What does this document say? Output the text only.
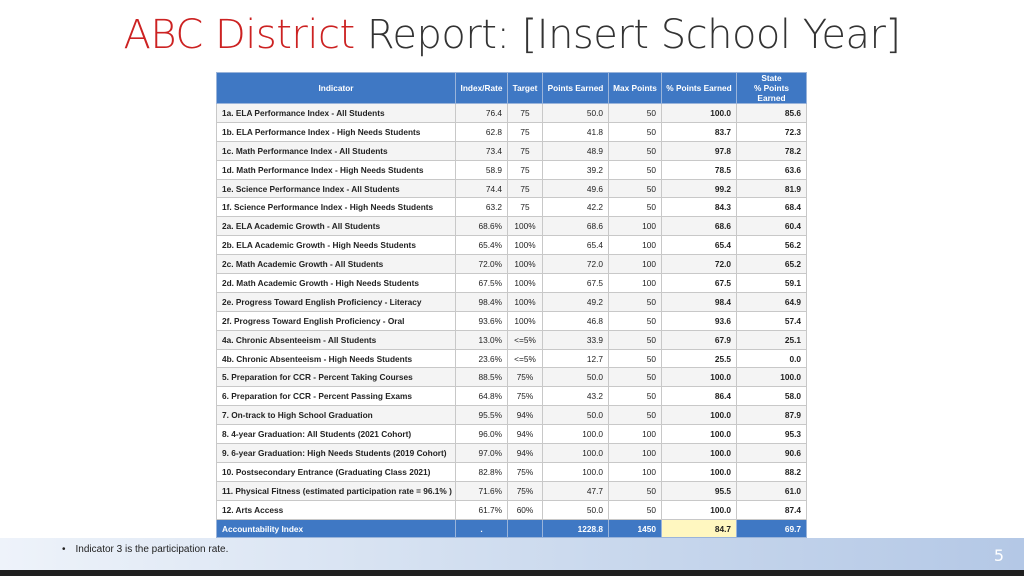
ABC District Report: [Insert School Year]
Indicator	Index/Rate	Target	Points Earned	Max Points	% Points Earned	State
% Points Earned
1a. ELA Performance Index - All Students	76.4	75	50.0	50	100.0	85.6
1b. ELA Performance Index - High Needs Students	62.8	75	41.8	50	83.7	72.3
1c. Math Performance Index - All Students	73.4	75	48.9	50	97.8	78.2
1d. Math Performance Index - High Needs Students	58.9	75	39.2	50	78.5	63.6
1e. Science Performance Index - All Students	74.4	75	49.6	50	99.2	81.9
1f. Science Performance Index - High Needs Students	63.2	75	42.2	50	84.3	68.4
2a. ELA Academic Growth - All Students	68.6%	100%	68.6	100	68.6	60.4
2b. ELA Academic Growth - High Needs Students	65.4%	100%	65.4	100	65.4	56.2
2c. Math Academic Growth - All Students	72.0%	100%	72.0	100	72.0	65.2
2d. Math Academic Growth - High Needs Students	67.5%	100%	67.5	100	67.5	59.1
2e. Progress Toward English Proficiency - Literacy	98.4%	100%	49.2	50	98.4	64.9
2f. Progress Toward English Proficiency - Oral	93.6%	100%	46.8	50	93.6	57.4
4a. Chronic Absenteeism - All Students	13.0%	<=5%	33.9	50	67.9	25.1
4b. Chronic Absenteeism - High Needs Students	23.6%	<=5%	12.7	50	25.5	0.0
5. Preparation for CCR - Percent Taking Courses	88.5%	75%	50.0	50	100.0	100.0
6. Preparation for CCR - Percent Passing Exams	64.8%	75%	43.2	50	86.4	58.0
7. On-track to High School Graduation	95.5%	94%	50.0	50	100.0	87.9
8. 4-year Graduation: All Students (2021 Cohort)	96.0%	94%	100.0	100	100.0	95.3
9. 6-year Graduation: High Needs Students (2019 Cohort)	97.0%	94%	100.0	100	100.0	90.6
10. Postsecondary Entrance (Graduating Class 2021)	82.8%	75%	100.0	100	100.0	88.2
11. Physical Fitness (estimated participation rate = 96.1% )	71.6%	75%	47.7	50	95.5	61.0
12. Arts Access	61.7%	60%	50.0	50	100.0	87.4
Accountability Index	.		1228.8	1450	84.7	69.7
• Indicator 3 is the participation rate.	5
